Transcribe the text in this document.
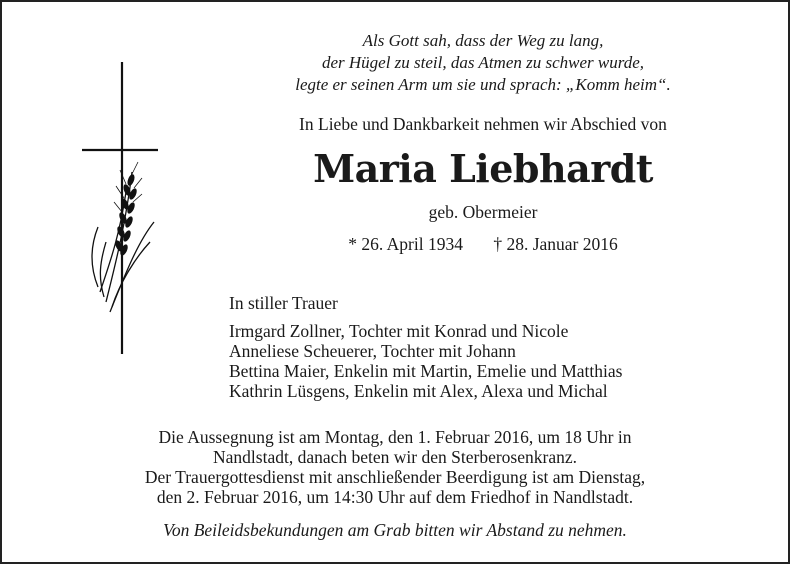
Als Gott sah, dass der Weg zu lang,
der Hügel zu steil, das Atmen zu schwer wurde,
legte er seinen Arm um sie und sprach: „Komm heim“.
In Liebe und Dankbarkeit nehmen wir Abschied von
Maria Liebhardt
geb. Obermeier
* 26. April 1934 † 28. Januar 2016
In stiller Trauer
Irmgard Zollner, Tochter mit Konrad und Nicole
Anneliese Scheuerer, Tochter mit Johann
Bettina Maier, Enkelin mit Martin, Emelie und Matthias
Kathrin Lüsgens, Enkelin mit Alex, Alexa und Michal
Die Aussegnung ist am Montag, den 1. Februar 2016, um 18 Uhr in
Nandlstadt, danach beten wir den Sterberosenkranz.
Der Trauergottesdienst mit anschließender Beerdigung ist am Dienstag,
den 2. Februar 2016, um 14:30 Uhr auf dem Friedhof in Nandlstadt.
Von Beileidsbekundungen am Grab bitten wir Abstand zu nehmen.
